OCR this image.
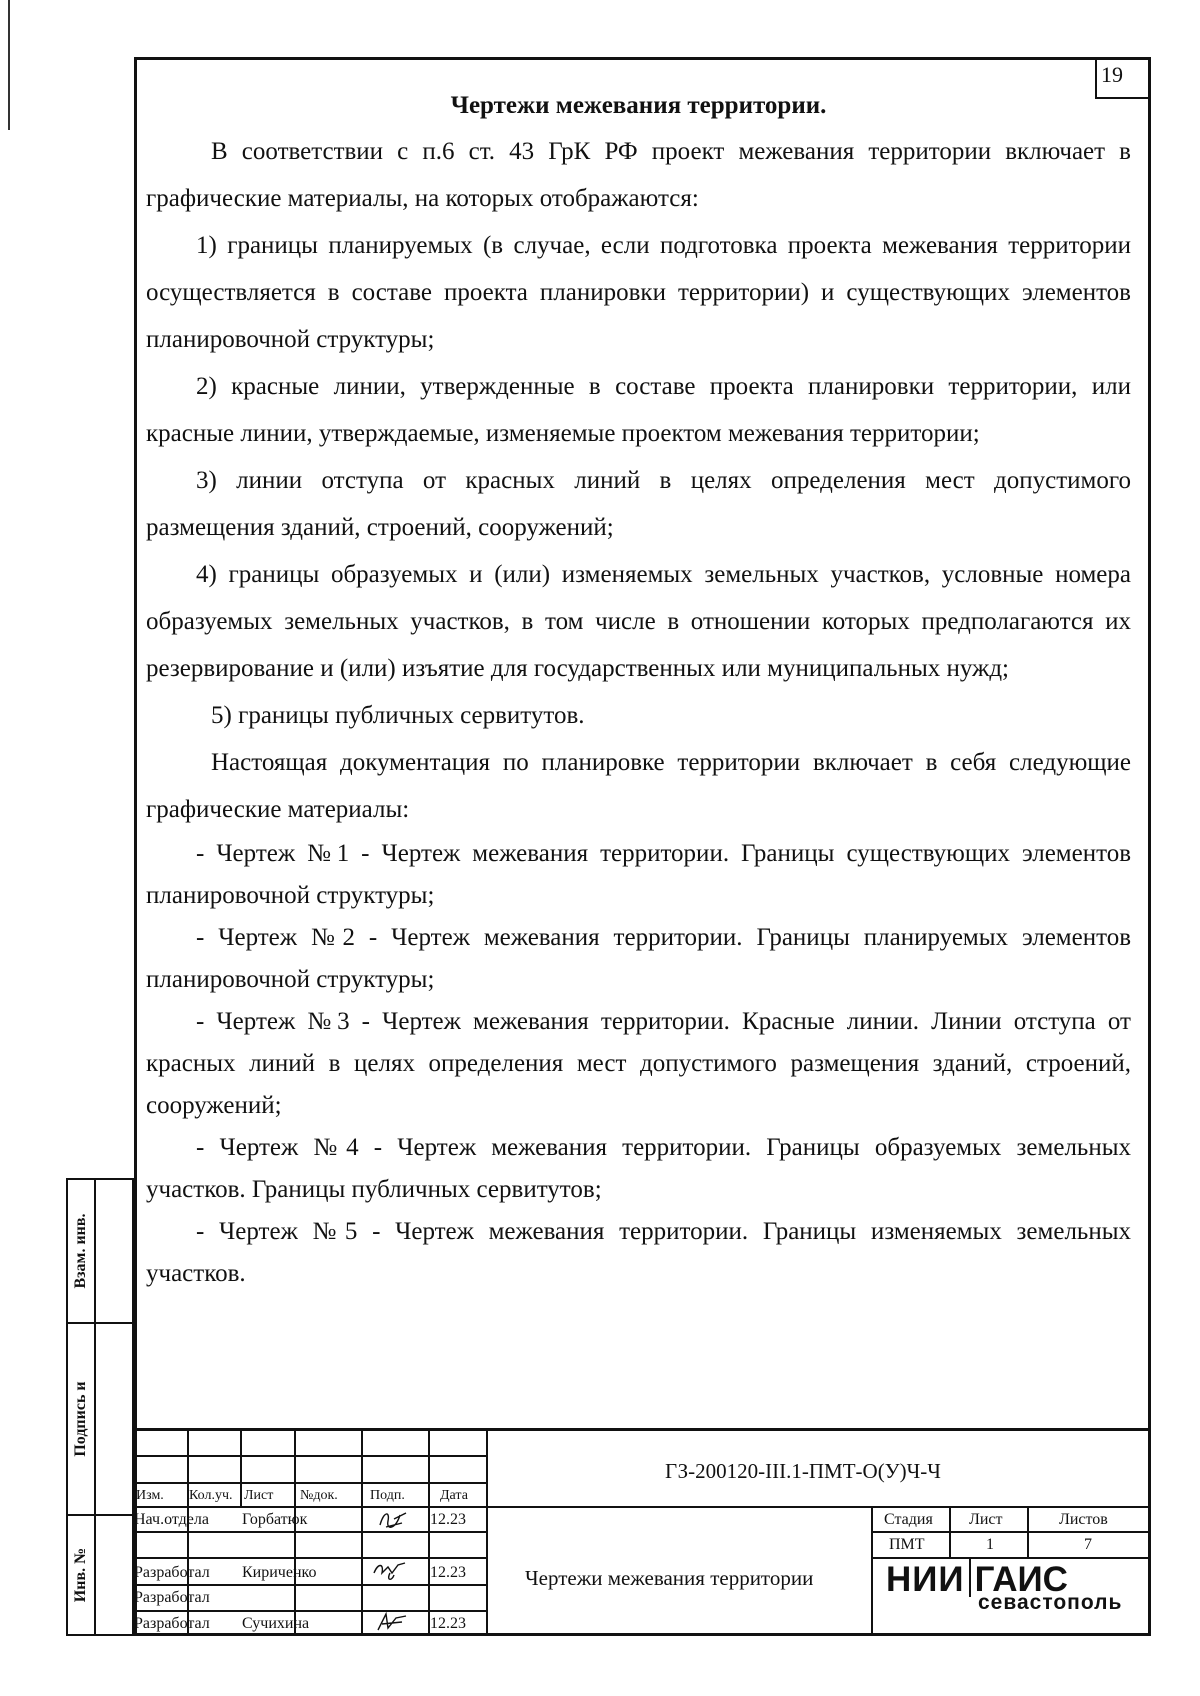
19

Чертежи межевания территории.

В соответствии с п.6 ст. 43 ГрК РФ проект межевания территории включает в графические материалы, на которых отображаются:

1) границы планируемых (в случае, если подготовка проекта межевания территории осуществляется в составе проекта планировки территории) и существующих элементов планировочной структуры;

2) красные линии, утвержденные в составе проекта планировки территории, или красные линии, утверждаемые, изменяемые проектом межевания территории;

3) линии отступа от красных линий в целях определения мест допустимого размещения зданий, строений, сооружений;

4) границы образуемых и (или) изменяемых земельных участков, условные номера образуемых земельных участков, в том числе в отношении которых предполагаются их резервирование и (или) изъятие для государственных или муниципальных нужд;

5) границы публичных сервитутов.

Настоящая документация по планировке территории включает в себя следующие графические материалы:

- Чертеж №1 - Чертеж межевания территории. Границы существующих элементов планировочной структуры;

- Чертеж №2 - Чертеж межевания территории. Границы планируемых элементов планировочной структуры;

- Чертеж №3 - Чертеж межевания территории. Красные линии. Линии отступа от красных линий в целях определения мест допустимого размещения зданий, строений, сооружений;

- Чертеж №4 - Чертеж межевания территории. Границы образуемых земельных участков. Границы публичных сервитутов;

- Чертеж №5 - Чертеж межевания территории. Границы изменяемых земельных участков.

Взам. инв.
Подпись и
Инв. №
Изм. Кол.уч. Лист №док. Подп.	Дата
Нач.отдела Горбатюк	12.23
Разработал Кириченко	12.23
Разработал
Разработал Сучихина	12.23
ГЗ-200120-III.1-ПМТ-О(У)Ч-Ч
Чертежи межевания территории
Стадия Лист	Листов
ПМТ	1	7
НИИ ГАИС
севастополь
